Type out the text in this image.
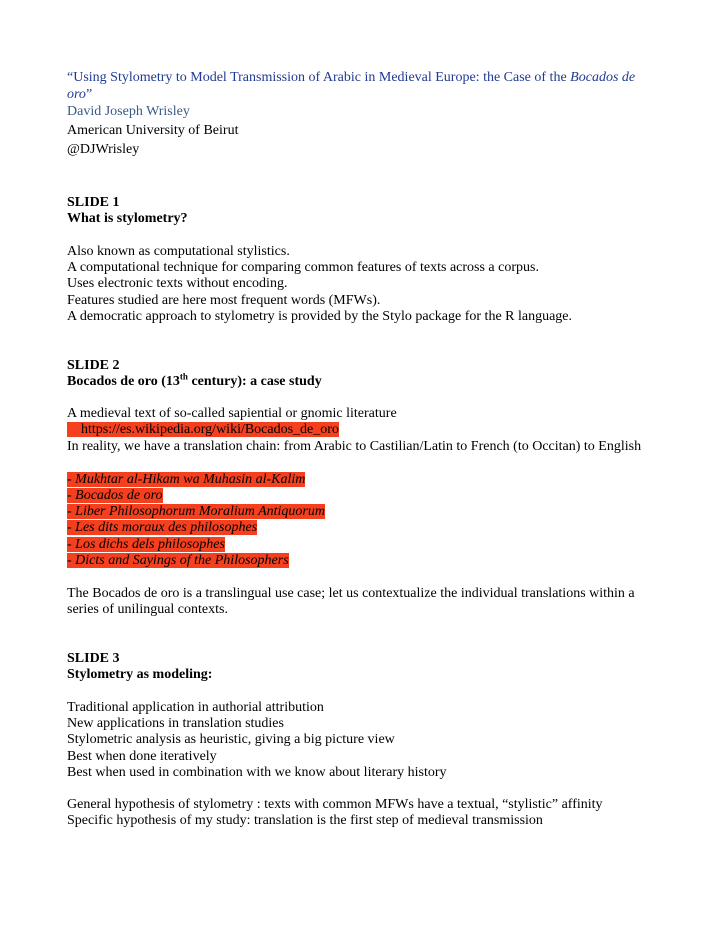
“Using Stylometry to Model Transmission of Arabic in Medieval Europe: the Case of the Bocados de
oro”
David Joseph Wrisley
American University of Beirut
@DJWrisley
SLIDE 1
What is stylometry?
Also known as computational stylistics.
A computational technique for comparing common features of texts across a corpus.
Uses electronic texts without encoding.
Features studied are here most frequent words (MFWs).
A democratic approach to stylometry is provided by the Stylo package for the R language.
SLIDE 2
Bocados de oro (13th century): a case study
A medieval text of so-called sapiential or gnomic literature
https://es.wikipedia.org/wiki/Bocados_de_oro
In reality, we have a translation chain: from Arabic to Castilian/Latin to French (to Occitan) to English
- Mukhtar al-Hikam wa Muhasin al-Kalim
- Bocados de oro
- Liber Philosophorum Moralium Antiquorum
- Les dits moraux des philosophes
- Los dichs dels philosophes
- Dicts and Sayings of the Philosophers
The Bocados de oro is a translingual use case; let us contextualize the individual translations within a
series of unilingual contexts.
SLIDE 3
Stylometry as modeling:
Traditional application in authorial attribution
New applications in translation studies
Stylometric analysis as heuristic, giving a big picture view
Best when done iteratively
Best when used in combination with we know about literary history
General hypothesis of stylometry : texts with common MFWs have a textual, “stylistic” affinity
Specific hypothesis of my study: translation is the first step of medieval transmission
